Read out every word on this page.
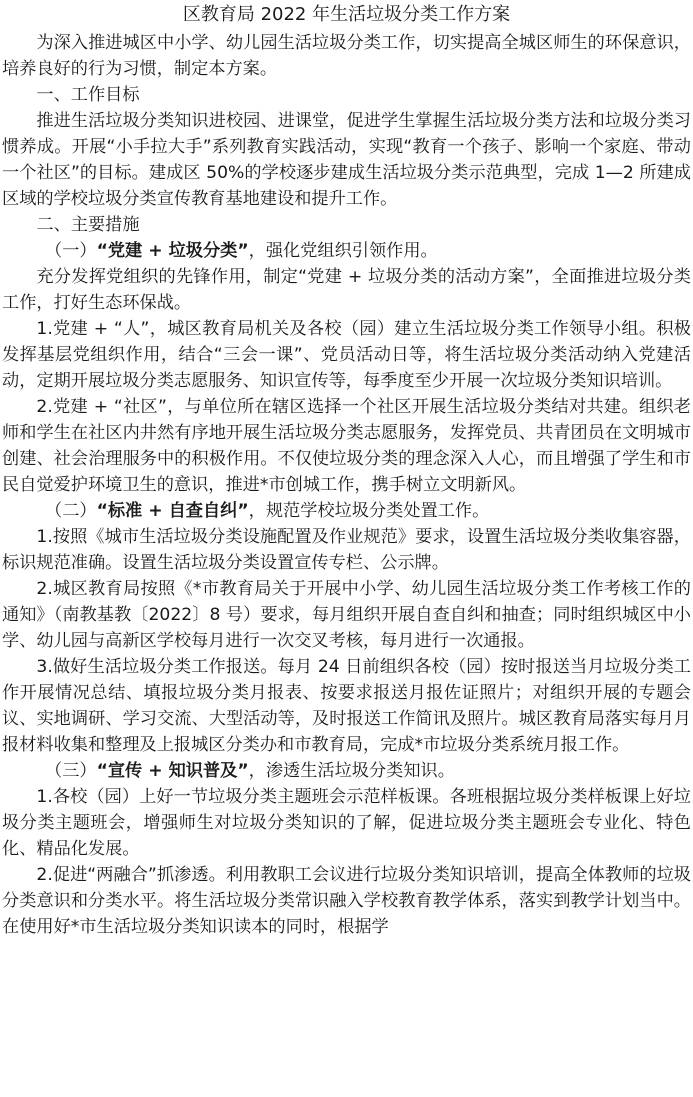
区教育局 2022 年生活垃圾分类工作方案

为深入推进城区中小学、幼儿园生活垃圾分类工作，切实提高全城区师生的环保意识，培养良好的行为习惯，制定本方案。

一、工作目标

推进生活垃圾分类知识进校园、进课堂，促进学生掌握生活垃圾分类方法和垃圾分类习惯养成。开展“小手拉大手”系列教育实践活动，实现“教育一个孩子、影响一个家庭、带动一个社区”的目标。建成区 50%的学校逐步建成生活垃圾分类示范典型，完成 1—2 所建成区域的学校垃圾分类宣传教育基地建设和提升工作。

二、主要措施

（一）“党建 + 垃圾分类”，强化党组织引领作用。

充分发挥党组织的先锋作用，制定“党建 + 垃圾分类的活动方案”，全面推进垃圾分类工作，打好生态环保战。

1.党建 + “人”，城区教育局机关及各校（园）建立生活垃圾分类工作领导小组。积极发挥基层党组织作用，结合“三会一课”、党员活动日等，将生活垃圾分类活动纳入党建活动，定期开展垃圾分类志愿服务、知识宣传等，每季度至少开展一次垃圾分类知识培训。

2.党建 + “社区”，与单位所在辖区选择一个社区开展生活垃圾分类结对共建。组织老师和学生在社区内井然有序地开展生活垃圾分类志愿服务，发挥党员、共青团员在文明城市创建、社会治理服务中的积极作用。不仅使垃圾分类的理念深入人心，而且增强了学生和市民自觉爱护环境卫生的意识，推进*市创城工作，携手树立文明新风。

（二）“标准 + 自查自纠”，规范学校垃圾分类处置工作。

1.按照《城市生活垃圾分类设施配置及作业规范》要求，设置生活垃圾分类收集容器，标识规范准确。设置生活垃圾分类设置宣传专栏、公示牌。

2.城区教育局按照《*市教育局关于开展中小学、幼儿园生活垃圾分类工作考核工作的通知》（南教基教〔2022〕8 号）要求，每月组织开展自查自纠和抽查；同时组织城区中小学、幼儿园与高新区学校每月进行一次交叉考核，每月进行一次通报。

3.做好生活垃圾分类工作报送。每月 24 日前组织各校（园）按时报送当月垃圾分类工作开展情况总结、填报垃圾分类月报表、按要求报送月报佐证照片；对组织开展的专题会议、实地调研、学习交流、大型活动等，及时报送工作简讯及照片。城区教育局落实每月月报材料收集和整理及上报城区分类办和市教育局，完成*市垃圾分类系统月报工作。

（三）“宣传 + 知识普及”，渗透生活垃圾分类知识。

1.各校（园）上好一节垃圾分类主题班会示范样板课。各班根据垃圾分类样板课上好垃圾分类主题班会，增强师生对垃圾分类知识的了解，促进垃圾分类主题班会专业化、特色化、精品化发展。

2.促进“两融合”抓渗透。利用教职工会议进行垃圾分类知识培训，提高全体教师的垃圾分类意识和分类水平。将生活垃圾分类常识融入学校教育教学体系，落实到教学计划当中。在使用好*市生活垃圾分类知识读本的同时，根据学
